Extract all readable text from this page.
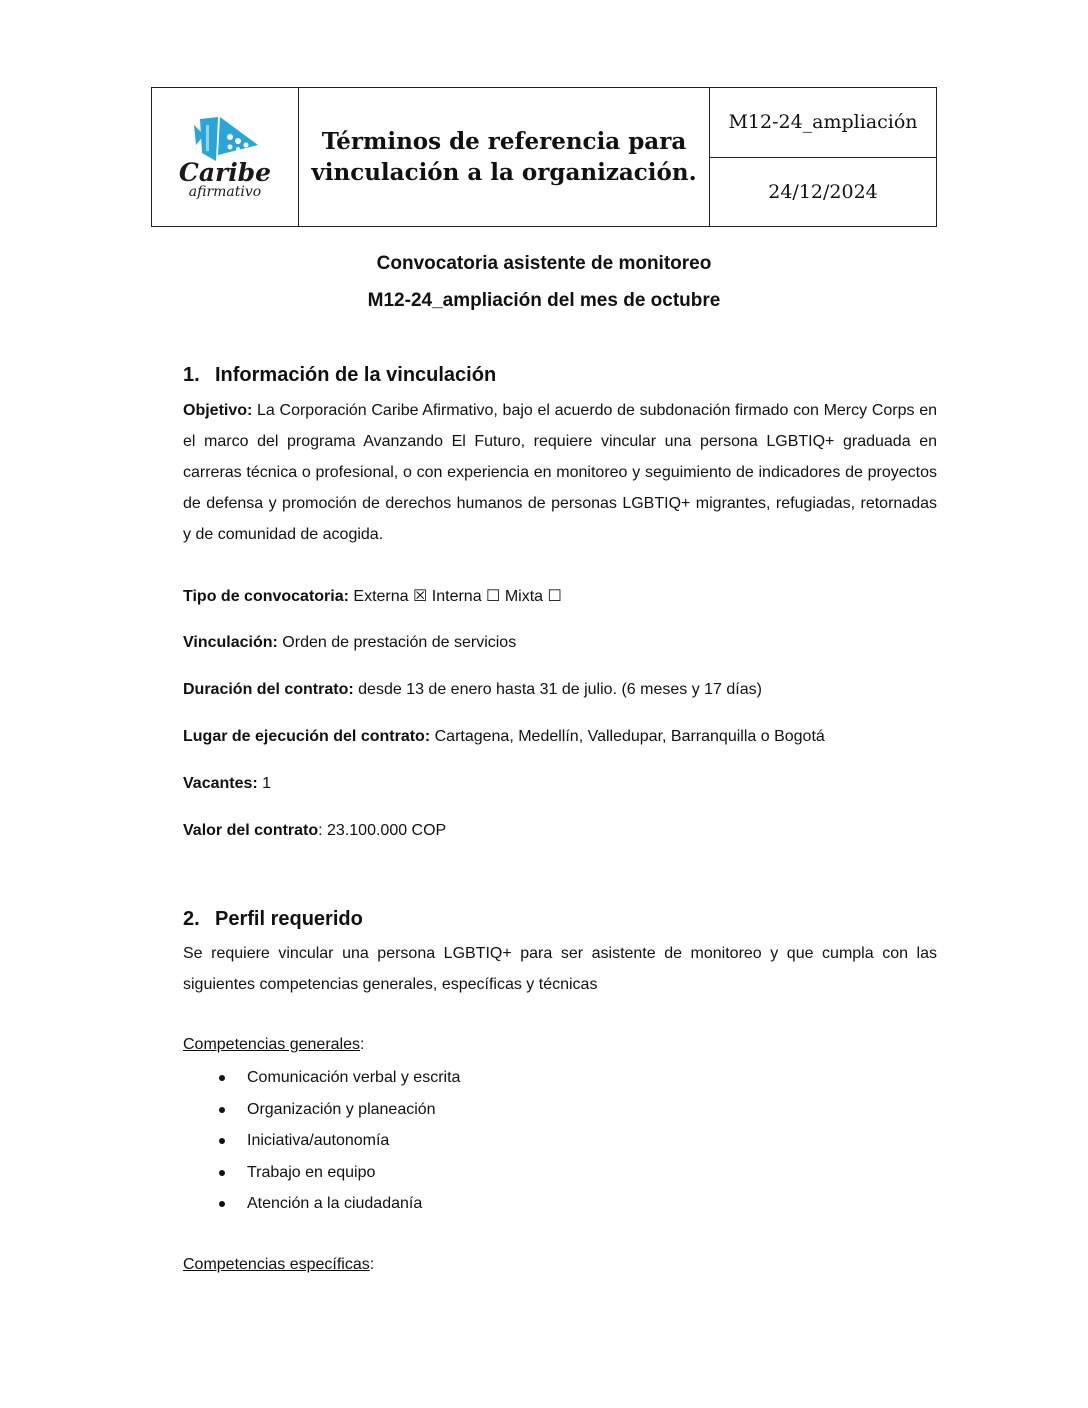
Caribe
afirmativo

Términos de referencia para
vinculación a la organización.
	M12-24_ampliación
24/12/2024
Convocatoria asistente de monitoreo
M12-24_ampliación del mes de octubre
1. Información de la vinculación
Objetivo: La Corporación Caribe Afirmativo, bajo el acuerdo de subdonación firmado con Mercy Corps en el marco del programa Avanzando El Futuro, requiere vincular una persona LGBTIQ+ graduada en carreras técnica o profesional, o con experiencia en monitoreo y seguimiento de indicadores de proyectos de defensa y promoción de derechos humanos de personas LGBTIQ+ migrantes, refugiadas, retornadas y de comunidad de acogida.
Tipo de convocatoria: Externa ☒ Interna ☐ Mixta ☐
Vinculación: Orden de prestación de servicios
Duración del contrato: desde 13 de enero hasta 31 de julio. (6 meses y 17 días)
Lugar de ejecución del contrato: Cartagena, Medellín, Valledupar, Barranquilla o Bogotá
Vacantes: 1
Valor del contrato: 23.100.000 COP
2. Perfil requerido
Se requiere vincular una persona LGBTIQ+ para ser asistente de monitoreo y que cumpla con las siguientes competencias generales, específicas y técnicas
Competencias generales:
Comunicación verbal y escrita
Organización y planeación
Iniciativa/autonomía
Trabajo en equipo
Atención a la ciudadanía
Competencias específicas:
